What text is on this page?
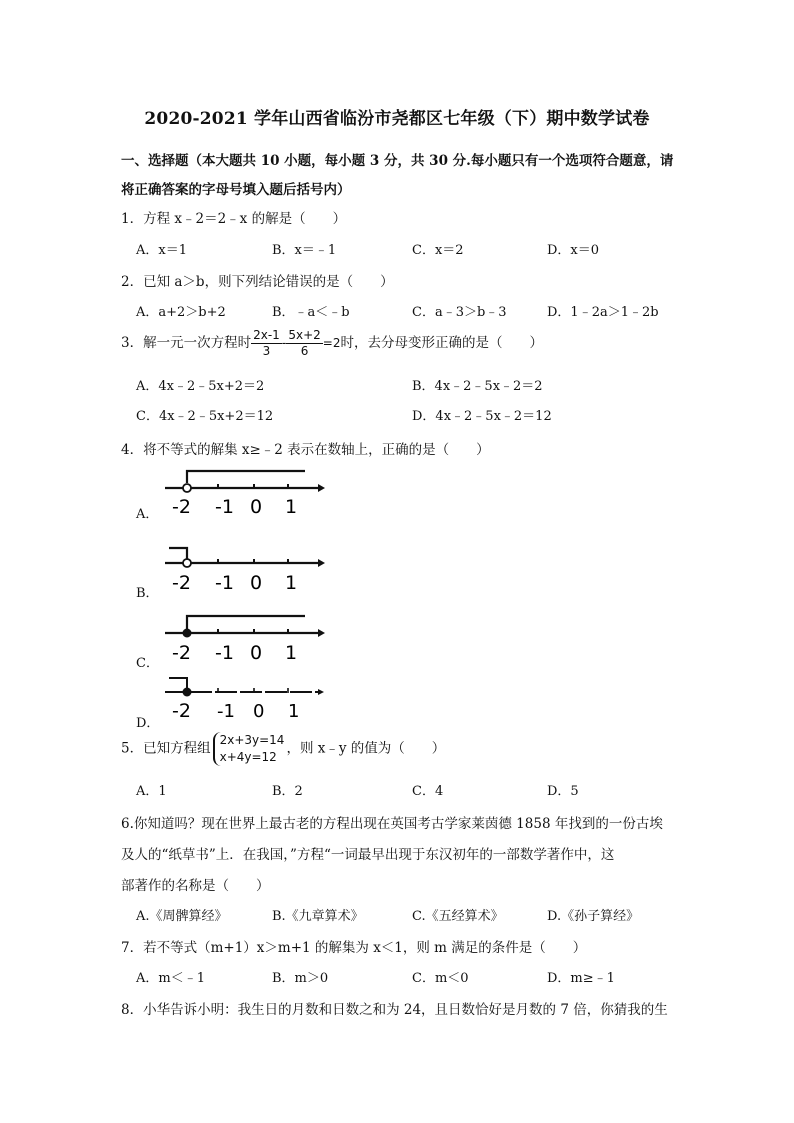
2020-2021 学年山西省临汾市尧都区七年级（下）期中数学试卷
一、选择题（本大题共 10 小题，每小题 3 分，共 30 分.每小题只有一个选项符合题意，请
将正确答案的字母号填入题后括号内）
1．方程 x﹣2＝2﹣x 的解是（　　）
A．x＝1	B．x＝﹣1	C．x＝2	D．x＝0
2．已知 a＞b，则下列结论错误的是（　　）
A．a+2＞b+2	B．﹣a＜﹣b	C．a﹣3＞b﹣3	D．1﹣2a＞1﹣2b
3．解一元一次方程时 $\frac{2x-1}{3} - \frac{5x+2}{6} =2$时，去分母变形正确的是（　　）
A．4x﹣2﹣5x+2＝2	B．4x﹣2﹣5x﹣2＝2
C．4x﹣2﹣5x+2＝12	D．4x﹣2﹣5x﹣2＝12
4．将不等式的解集 x≥﹣2 表示在数轴上，正确的是（　　）
A． -2 -1 0 1
B． -2 -1 0 1
C． -2 -1 0 1
D．
-2 -1 0 1
5．已知方程组
2x+3y=14
x+4y=12
，则 x﹣y 的值为（　　）
A．1	B．2	C．4	D．5
6.你知道吗？现在世界上最古老的方程出现在英国考古学家莱茵德 1858 年找到的一份古埃
及人的“纸草书”上．在我国，”方程“一词最早出现于东汉初年的一部数学著作中，这
部著作的名称是（　　）
A.《周髀算经》	B.《九章算术》	C.《五经算术》	D.《孙子算经》
7．若不等式（m+1）x＞m+1 的解集为 x＜1，则 m 满足的条件是（　　）
A．m＜﹣1	B．m＞0	C．m＜0	D．m≥﹣1
8．小华告诉小明：我生日的月数和日数之和为 24，且日数恰好是月数的 7 倍，你猜我的生
